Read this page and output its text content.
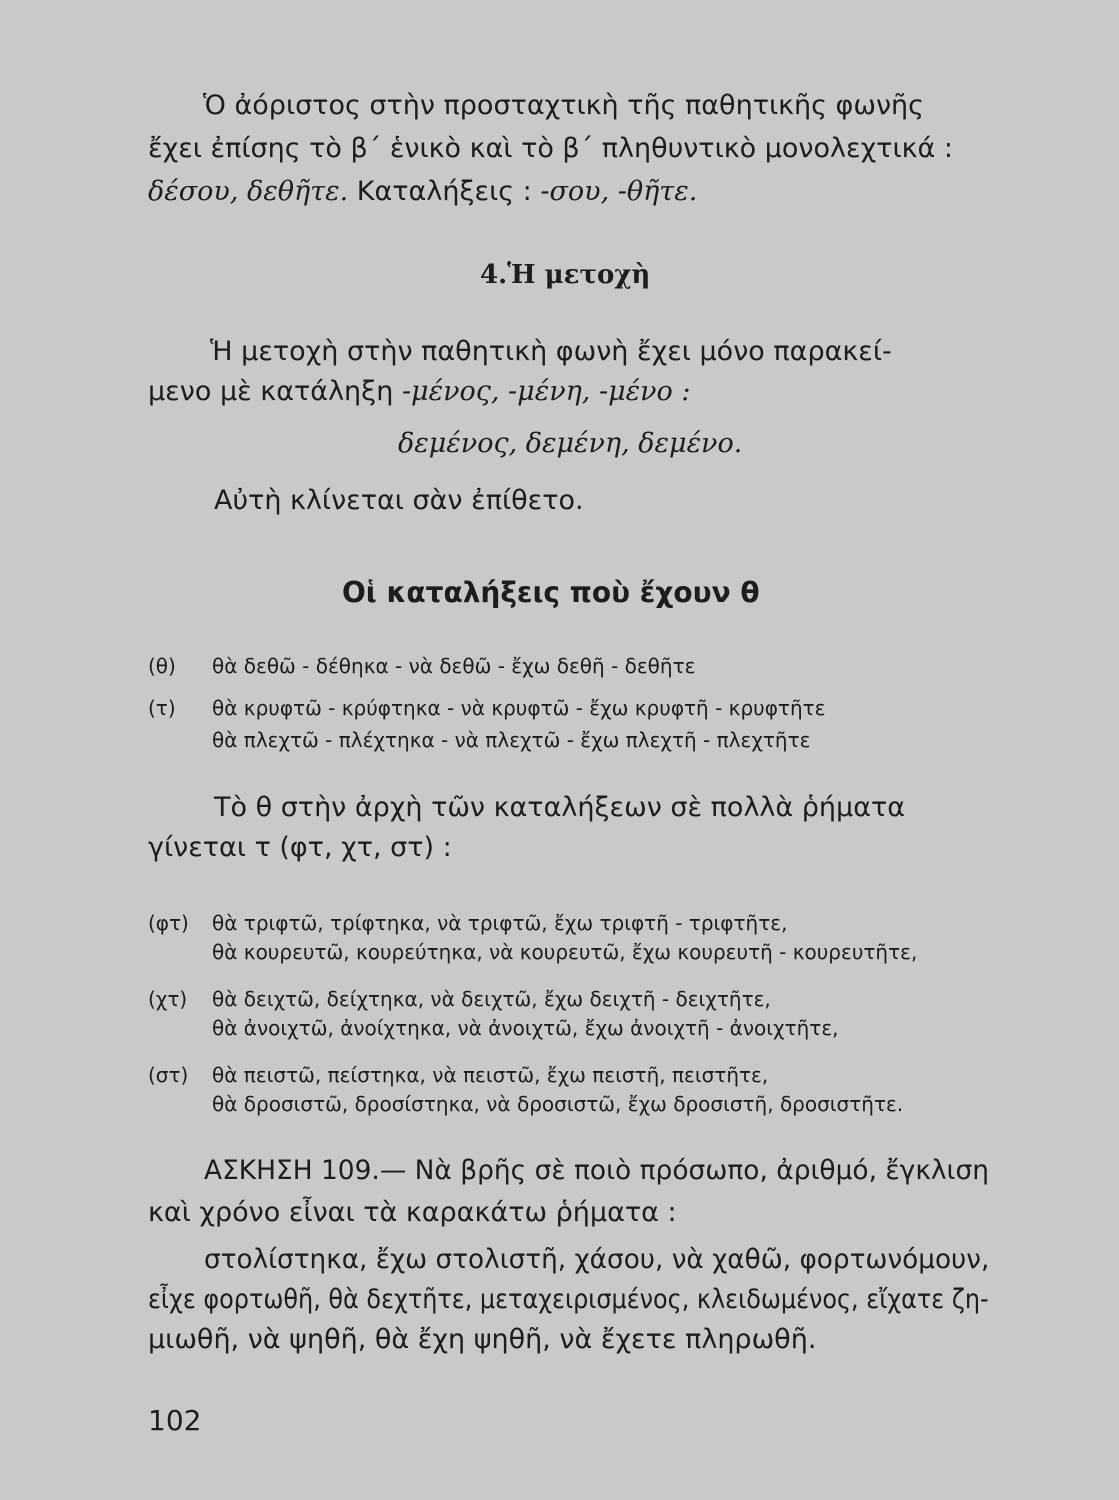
Ὁ ἀόριστος στὴν προσταχτικὴ τῆς παθητικῆς φωνῆς

ἔχει ἐπίσης τὸ β΄ ἑνικὸ καὶ τὸ β΄ πληθυντικὸ μονολεχτικά :

δέσου, δεθῆτε. Καταλήξεις : -σου, -θῆτε.

4.Ἡ μετοχὴ

Ἡ μετοχὴ στὴν παθητικὴ φωνὴ ἔχει μόνο παρακεί-

μενο μὲ κατάληξη -μένος, -μένη, -μένο :

δεμένος, δεμένη, δεμένο.

Αὐτὴ κλίνεται σὰν ἐπίθετο.

Οἱ καταλήξεις ποὺ ἔχουν θ

(θ) θὰ δεθῶ - δέθηκα - νὰ δεθῶ - ἔχω δεθῆ - δεθῆτε
(τ) θὰ κρυφτῶ - κρύφτηκα - νὰ κρυφτῶ - ἔχω κρυφτῆ - κρυφτῆτε
θὰ πλεχτῶ - πλέχτηκα - νὰ πλεχτῶ - ἔχω πλεχτῆ - πλεχτῆτε

Τὸ θ στὴν ἀρχὴ τῶν καταλήξεων σὲ πολλὰ ῥήματα

γίνεται τ (φτ, χτ, στ) :

(φτ) θὰ τριφτῶ, τρίφτηκα, νὰ τριφτῶ, ἔχω τριφτῆ - τριφτῆτε,
θὰ κουρευτῶ, κουρεύτηκα, νὰ κουρευτῶ, ἔχω κουρευτῆ - κουρευτῆτε,
(χτ) θὰ δειχτῶ, δείχτηκα, νὰ δειχτῶ, ἔχω δειχτῆ - δειχτῆτε,
θὰ ἀνοιχτῶ, ἀνοίχτηκα, νὰ ἀνοιχτῶ, ἔχω ἀνοιχτῆ - ἀνοιχτῆτε,
(στ) θὰ πειστῶ, πείστηκα, νὰ πειστῶ, ἔχω πειστῆ, πειστῆτε,
θὰ δροσιστῶ, δροσίστηκα, νὰ δροσιστῶ, ἔχω δροσιστῆ, δροσιστῆτε.

ΑΣΚΗΣΗ 109.— Νὰ βρῆς σὲ ποιὸ πρόσωπο, ἀριθμό, ἔγκλιση

καὶ χρόνο εἶναι τὰ καρακάτω ῥήματα :

στολίστηκα, ἔχω στολιστῆ, χάσου, νὰ χαθῶ, φορτωνόμουν,

εἶχε φορτωθῆ, θὰ δεχτῆτε, μεταχειρισμένος, κλειδωμένος, εἴχατε ζη-

μιωθῆ, νὰ ψηθῆ, θὰ ἔχη ψηθῆ, νὰ ἔχετε πληρωθῆ.

102
